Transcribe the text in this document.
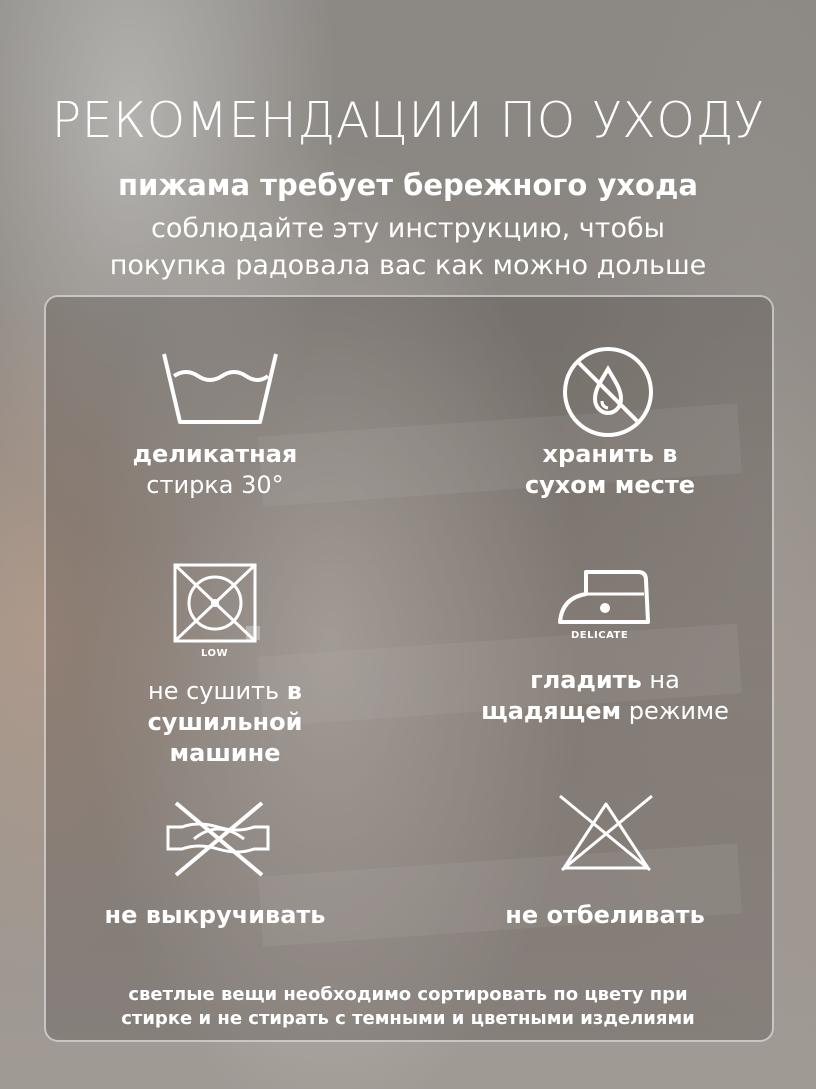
РЕКОМЕНДАЦИИ ПО УХОДУ
пижама требует бережного ухода
соблюдайте эту инструкцию, чтобы
покупка радовала вас как можно дольше
деликатная
стирка 30°
хранить в
сухом месте
LOW
не сушить в
сушильной
машине
DELICATE
гладить на
щадящем режиме
не выкручивать	не отбеливать
светлые вещи необходимо сортировать по цвету при
стирке и не стирать с темными и цветными изделиями
